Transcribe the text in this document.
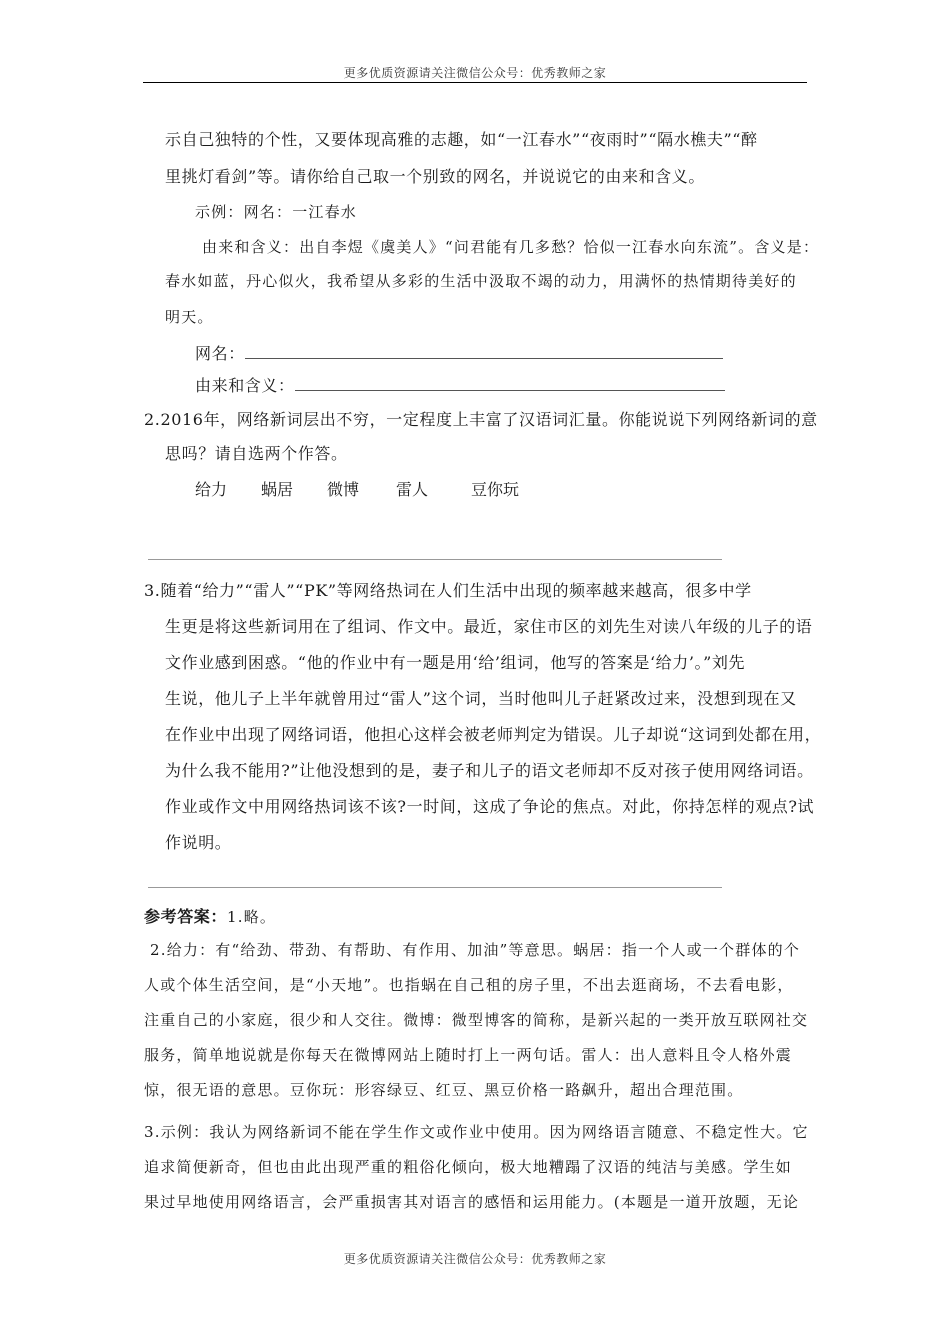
更多优质资源请关注微信公众号：优秀教师之家
示自己独特的个性，又要体现高雅的志趣，如“一江春水”“夜雨时”“隔水樵夫”“醉
里挑灯看剑”等。请你给自己取一个别致的网名，并说说它的由来和含义。
示例：网名：一江春水
由来和含义：出自李煜《虞美人》“问君能有几多愁？恰似一江春水向东流”。含义是：
春水如蓝，丹心似火，我希望从多彩的生活中汲取不竭的动力，用满怀的热情期待美好的
明天。
网名：
由来和含义：
2.2016年，网络新词层出不穷，一定程度上丰富了汉语词汇量。你能说说下列网络新词的意
思吗？请自选两个作答。
给力 蜗居 微博 雷人	豆你玩
3.随着“给力”“雷人”“PK”等网络热词在人们生活中出现的频率越来越高，很多中学
生更是将这些新词用在了组词、作文中。最近，家住市区的刘先生对读八年级的儿子的语
文作业感到困惑。“他的作业中有一题是用‘给’组词，他写的答案是‘给力’。”刘先
生说，他儿子上半年就曾用过“雷人”这个词，当时他叫儿子赶紧改过来，没想到现在又
在作业中出现了网络词语，他担心这样会被老师判定为错误。儿子却说“这词到处都在用，
为什么我不能用?”让他没想到的是，妻子和儿子的语文老师却不反对孩子使用网络词语。
作业或作文中用网络热词该不该?一时间，这成了争论的焦点。对此，你持怎样的观点?试
作说明。
参考答案：1.略。
2.给力：有“给劲、带劲、有帮助、有作用、加油”等意思。蜗居：指一个人或一个群体的个
人或个体生活空间，是“小天地”。也指蜗在自己租的房子里，不出去逛商场，不去看电影，
注重自己的小家庭，很少和人交往。微博：微型博客的简称，是新兴起的一类开放互联网社交
服务，简单地说就是你每天在微博网站上随时打上一两句话。雷人：出人意料且令人格外震
惊，很无语的意思。豆你玩：形容绿豆、红豆、黑豆价格一路飙升，超出合理范围。
3.示例：我认为网络新词不能在学生作文或作业中使用。因为网络语言随意、不稳定性大。它
追求简便新奇，但也由此出现严重的粗俗化倾向，极大地糟蹋了汉语的纯洁与美感。学生如
果过早地使用网络语言，会严重损害其对语言的感悟和运用能力。(本题是一道开放题，无论
更多优质资源请关注微信公众号：优秀教师之家
